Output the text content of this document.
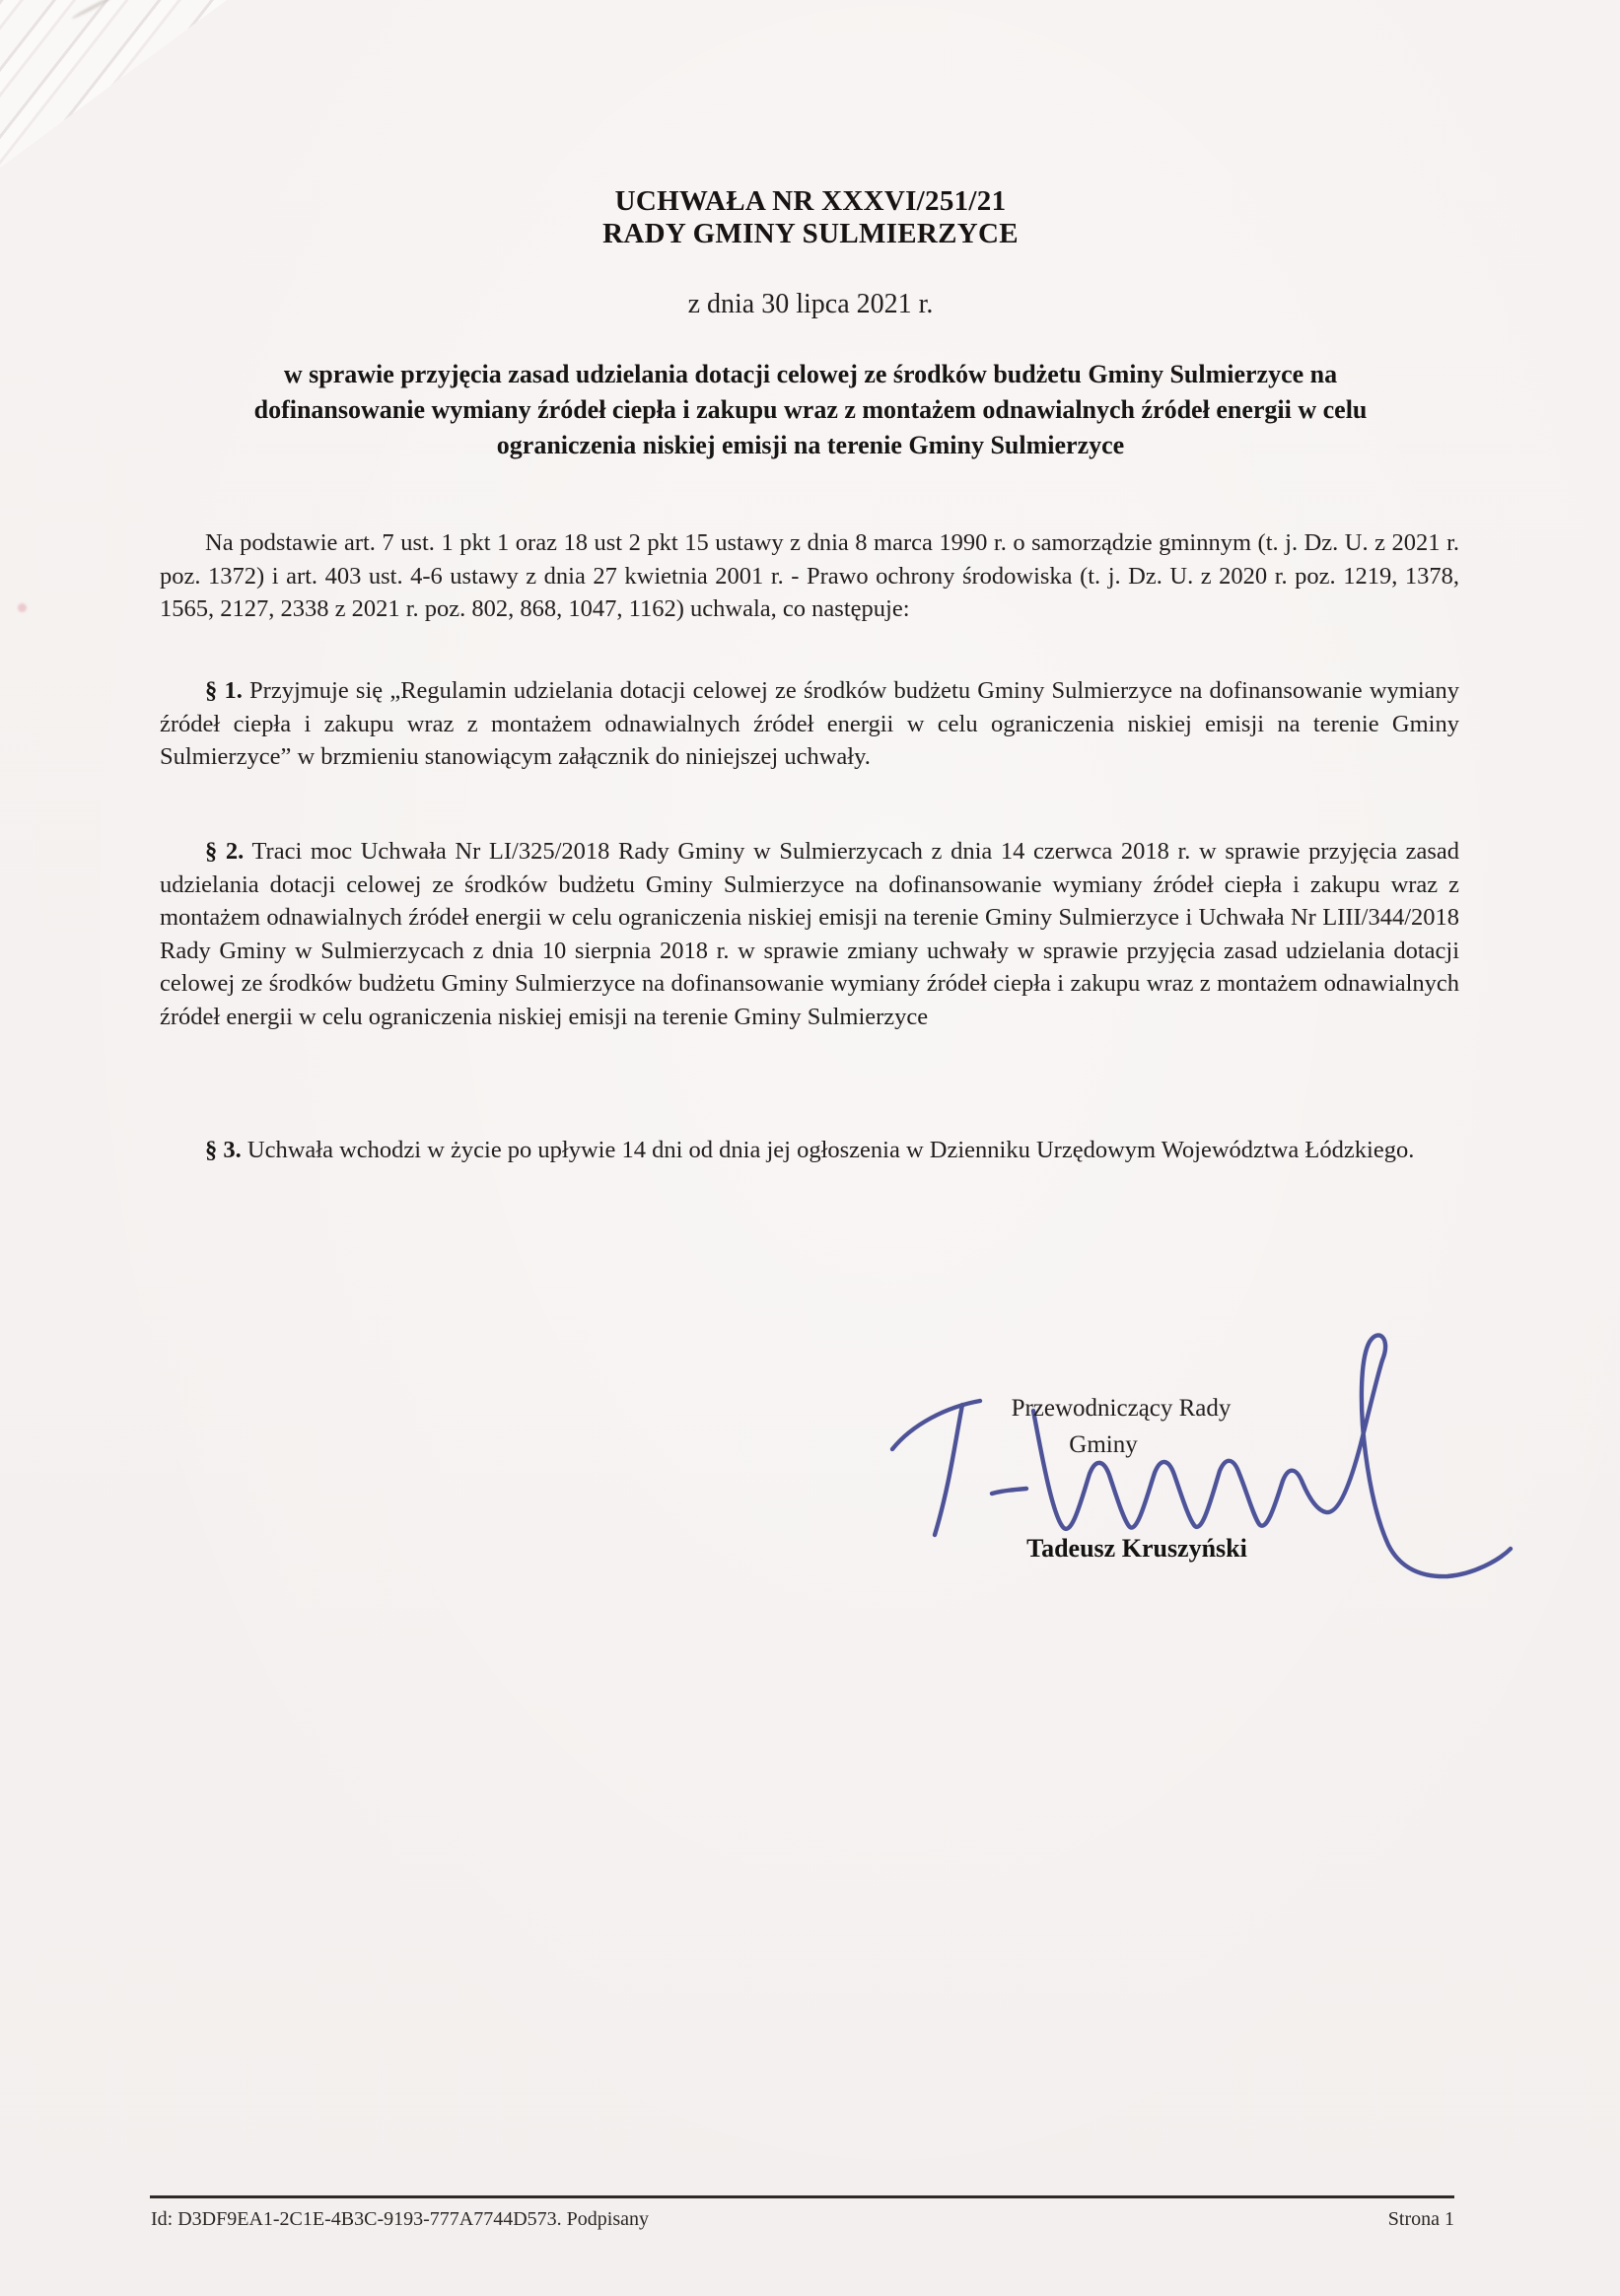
UCHWAŁA NR XXXVI/251/21
RADY GMINY SULMIERZYCE
z dnia 30 lipca 2021 r.
w sprawie przyjęcia zasad udzielania dotacji celowej ze środków budżetu Gminy Sulmierzyce na
dofinansowanie wymiany źródeł ciepła i zakupu wraz z montażem odnawialnych źródeł energii w celu
ograniczenia niskiej emisji na terenie Gminy Sulmierzyce

Na podstawie art. 7 ust. 1 pkt 1 oraz 18 ust 2 pkt 15 ustawy z dnia 8 marca 1990 r. o samorządzie gminnym (t. j. Dz. U. z 2021 r. poz. 1372) i art. 403 ust. 4-6 ustawy z dnia 27 kwietnia 2001 r. - Prawo ochrony środowiska (t. j. Dz. U. z 2020 r. poz. 1219, 1378, 1565, 2127, 2338 z 2021 r. poz. 802, 868, 1047, 1162) uchwala, co następuje:

§ 1. Przyjmuje się „Regulamin udzielania dotacji celowej ze środków budżetu Gminy Sulmierzyce na dofinansowanie wymiany źródeł ciepła i zakupu wraz z montażem odnawialnych źródeł energii w celu ograniczenia niskiej emisji na terenie Gminy Sulmierzyce” w brzmieniu stanowiącym załącznik do niniejszej uchwały.

§ 2. Traci moc Uchwała Nr LI/325/2018 Rady Gminy w Sulmierzycach z dnia 14 czerwca 2018 r. w sprawie przyjęcia zasad udzielania dotacji celowej ze środków budżetu Gminy Sulmierzyce na dofinansowanie wymiany źródeł ciepła i zakupu wraz z montażem odnawialnych źródeł energii w celu ograniczenia niskiej emisji na terenie Gminy Sulmierzyce i Uchwała Nr LIII/344/2018 Rady Gminy w Sulmierzycach z dnia 10 sierpnia 2018 r. w sprawie zmiany uchwały w sprawie przyjęcia zasad udzielania dotacji celowej ze środków budżetu Gminy Sulmierzyce na dofinansowanie wymiany źródeł ciepła i zakupu wraz z montażem odnawialnych źródeł energii w celu ograniczenia niskiej emisji na terenie Gminy Sulmierzyce

§ 3. Uchwała wchodzi w życie po upływie 14 dni od dnia jej ogłoszenia w Dzienniku Urzędowym Województwa Łódzkiego.

Przewodniczący Rady
Gminy
Tadeusz Kruszyński
Id: D3DF9EA1-2C1E-4B3C-9193-777A7744D573. Podpisany	Strona 1
